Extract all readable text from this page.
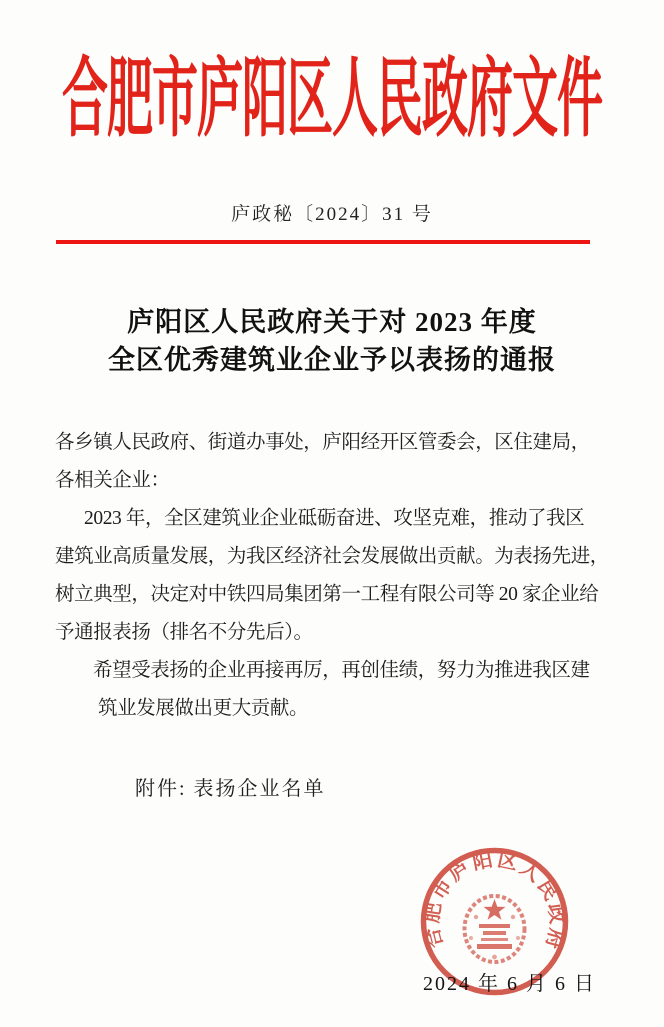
合肥市庐阳区人民政府文件
庐政秘〔2024〕31 号
庐阳区人民政府关于对 2023 年度
全区优秀建筑业企业予以表扬的通报
各乡镇人民政府、街道办事处，庐阳经开区管委会，区住建局，
各相关企业：
2023 年，全区建筑业企业砥砺奋进、攻坚克难，推动了我区
建筑业高质量发展，为我区经济社会发展做出贡献。为表扬先进，
树立典型，决定对中铁四局集团第一工程有限公司等 20 家企业给
予通报表扬（排名不分先后）。
希望受表扬的企业再接再厉，再创佳绩，努力为推进我区建
筑业发展做出更大贡献。
附件: 表扬企业名单
合肥市庐阳区人民政府
2024 年 6 月 6 日
